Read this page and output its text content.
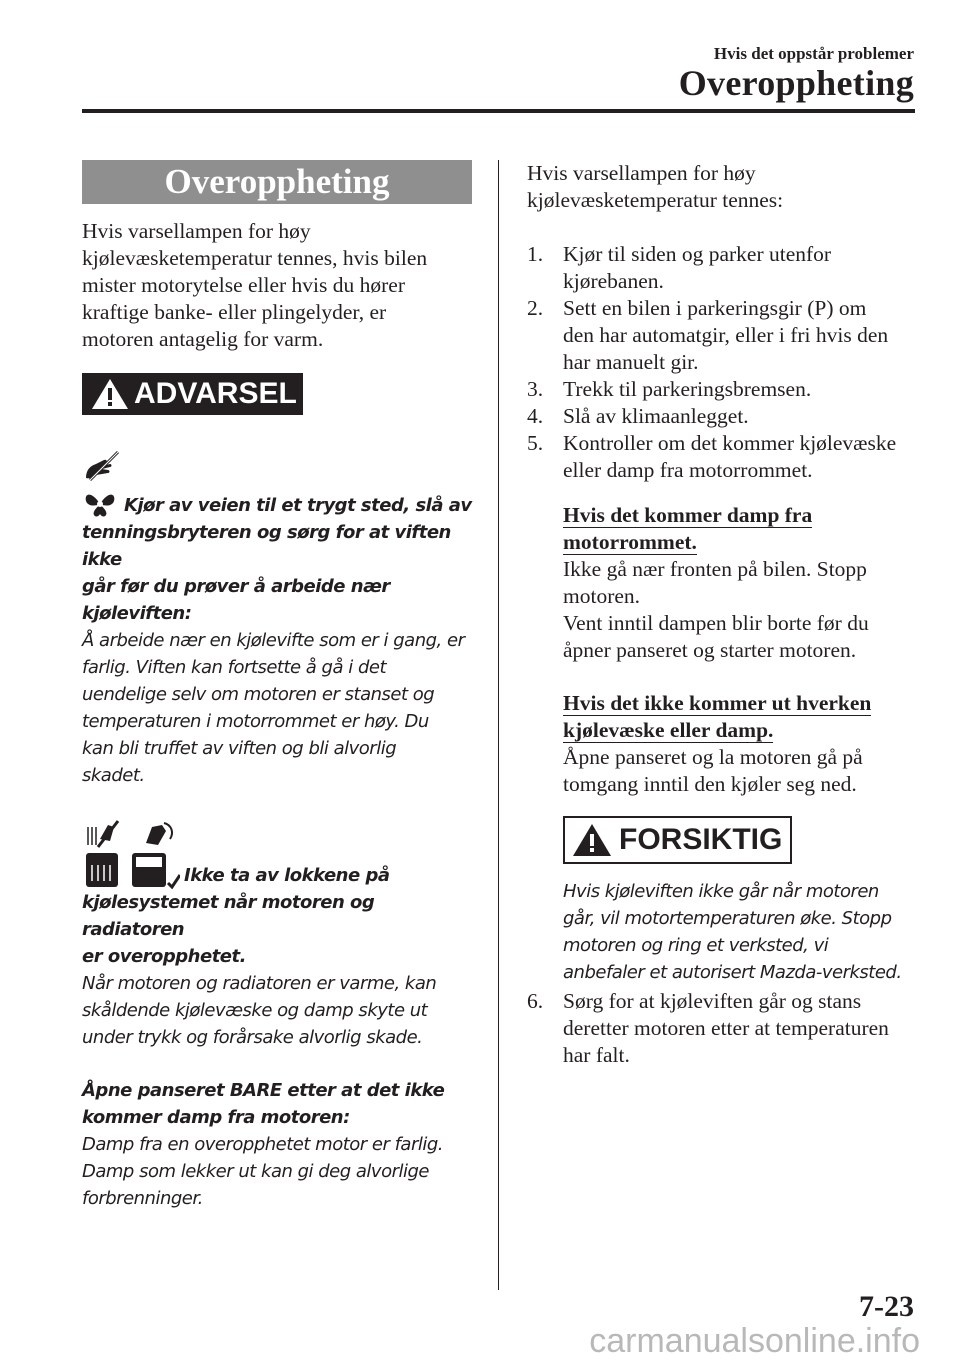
Hvis det oppstår problemer
Overoppheting
Overoppheting
Hvis varsellampen for høy
kjølevæsketemperatur tennes, hvis bilen
mister motorytelse eller hvis du hører
kraftige banke- eller plingelyder, er
motoren antagelig for varm.
ADVARSEL
Kjør av veien til et trygt sted, slå av
tenningsbryteren og sørg for at viften ikke
går før du prøver å arbeide nær kjøleviften:
Å arbeide nær en kjølevifte som er i gang, er
farlig. Viften kan fortsette å gå i det
uendelige selv om motoren er stanset og
temperaturen i motorrommet er høy. Du
kan bli truffet av viften og bli alvorlig
skadet.
Ikke ta av lokkene på
kjølesystemet når motoren og radiatoren
er overopphetet.
Når motoren og radiatoren er varme, kan
skåldende kjølevæske og damp skyte ut
under trykk og forårsake alvorlig skade.
Åpne panseret BARE etter at det ikke
kommer damp fra motoren:
Damp fra en overopphetet motor er farlig.
Damp som lekker ut kan gi deg alvorlige
forbrenninger.
Hvis varsellampen for høy
kjølevæsketemperatur tennes:
1. Kjør til siden og parker utenfor
kjørebanen.
2. Sett en bilen i parkeringsgir (P) om
den har automatgir, eller i fri hvis den
har manuelt gir.
3. Trekk til parkeringsbremsen.
4. Slå av klimaanlegget.
5. Kontroller om det kommer kjølevæske
eller damp fra motorrommet.
Hvis det kommer damp fra
motorrommet.
Ikke gå nær fronten på bilen. Stopp
motoren.
Vent inntil dampen blir borte før du
åpner panseret og starter motoren.
Hvis det ikke kommer ut hverken
kjølevæske eller damp.
Åpne panseret og la motoren gå på
tomgang inntil den kjøler seg ned.
FORSIKTIG
Hvis kjøleviften ikke går når motoren
går, vil motortemperaturen øke. Stopp
motoren og ring et verksted, vi
anbefaler et autorisert Mazda-verksted.
6. Sørg for at kjøleviften går og stans
deretter motoren etter at temperaturen
har falt.
7-23
carmanualsonline.info
